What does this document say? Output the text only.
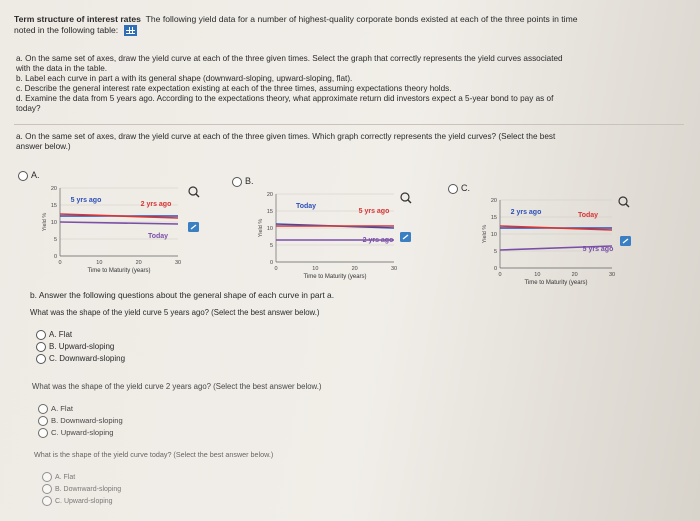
Term structure of interest rates The following yield data for a number of highest-quality corporate bonds existed at each of the three points in time
noted in the following table:
a. On the same set of axes, draw the yield curve at each of the three given times. Select the graph that correctly represents the yield curves associated
with the data in the table.
b. Label each curve in part a with its general shape (downward-sloping, upward-sloping, flat).
c. Describe the general interest rate expectation existing at each of the three times, assuming expectations theory holds.
d. Examine the data from 5 years ago. According to the expectations theory, what approximate return did investors expect a 5-year bond to pay as of
today?
a. On the same set of axes, draw the yield curve at each of the three given times. Which graph correctly represents the yield curves? (Select the best
answer below.)
A.
B.
C.
0
5
10
15
20
0	10	20	30
Time to Maturity (years)
Yield %
5 yrs ago
2 yrs ago
Today
0
5
10
15
20
0	10	20	30
Time to Maturity (years)
Yield %
Today
5 yrs ago
2 yrs ago
0
5
10
15
20
0	10	20	30
Time to Maturity (years)
Yield %
2 yrs ago	Today
5 yrs ago
b. Answer the following questions about the general shape of each curve in part a.
What was the shape of the yield curve 5 years ago? (Select the best answer below.)
A. Flat
B. Upward-sloping
C. Downward-sloping
What was the shape of the yield curve 2 years ago? (Select the best answer below.)
A. Flat
B. Downward-sloping
C. Upward-sloping
What is the shape of the yield curve today? (Select the best answer below.)
A. Flat
B. Downward-sloping
C. Upward-sloping
